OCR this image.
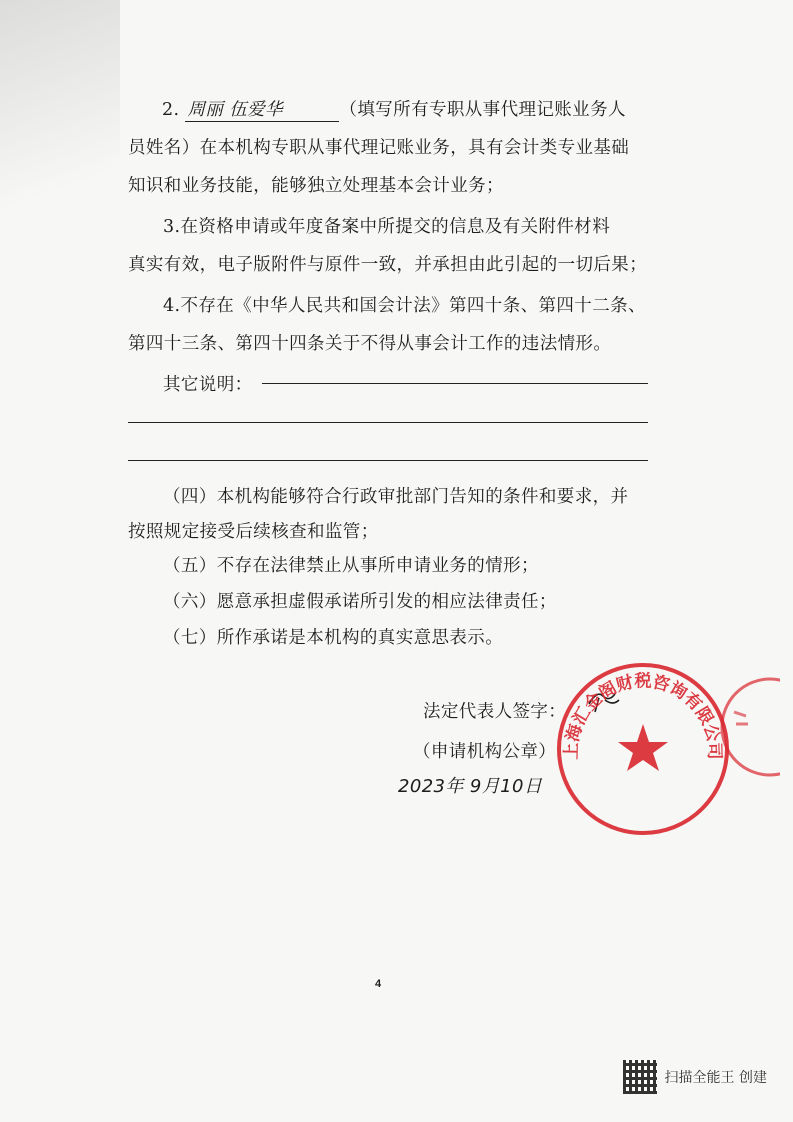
2. 周丽 伍爱华	（填写所有专职从事代理记账业务人
员姓名）在本机构专职从事代理记账业务，具有会计类专业基础
知识和业务技能，能够独立处理基本会计业务；
3.在资格申请或年度备案中所提交的信息及有关附件材料
真实有效，电子版附件与原件一致，并承担由此引起的一切后果；
4.不存在《中华人民共和国会计法》第四十条、第四十二条、
第四十三条、第四十四条关于不得从事会计工作的违法情形。
其它说明：
（四）本机构能够符合行政审批部门告知的条件和要求，并
按照规定接受后续核查和监管；
（五）不存在法律禁止从事所申请业务的情形；
（六）愿意承担虚假承诺所引发的相应法律责任；
（七）所作承诺是本机构的真实意思表示。
法定代表人签字：
（申请机构公章）
2023年 9月10日
上海汇金阁财税咨询有限公司
4
扫描全能王 创建
